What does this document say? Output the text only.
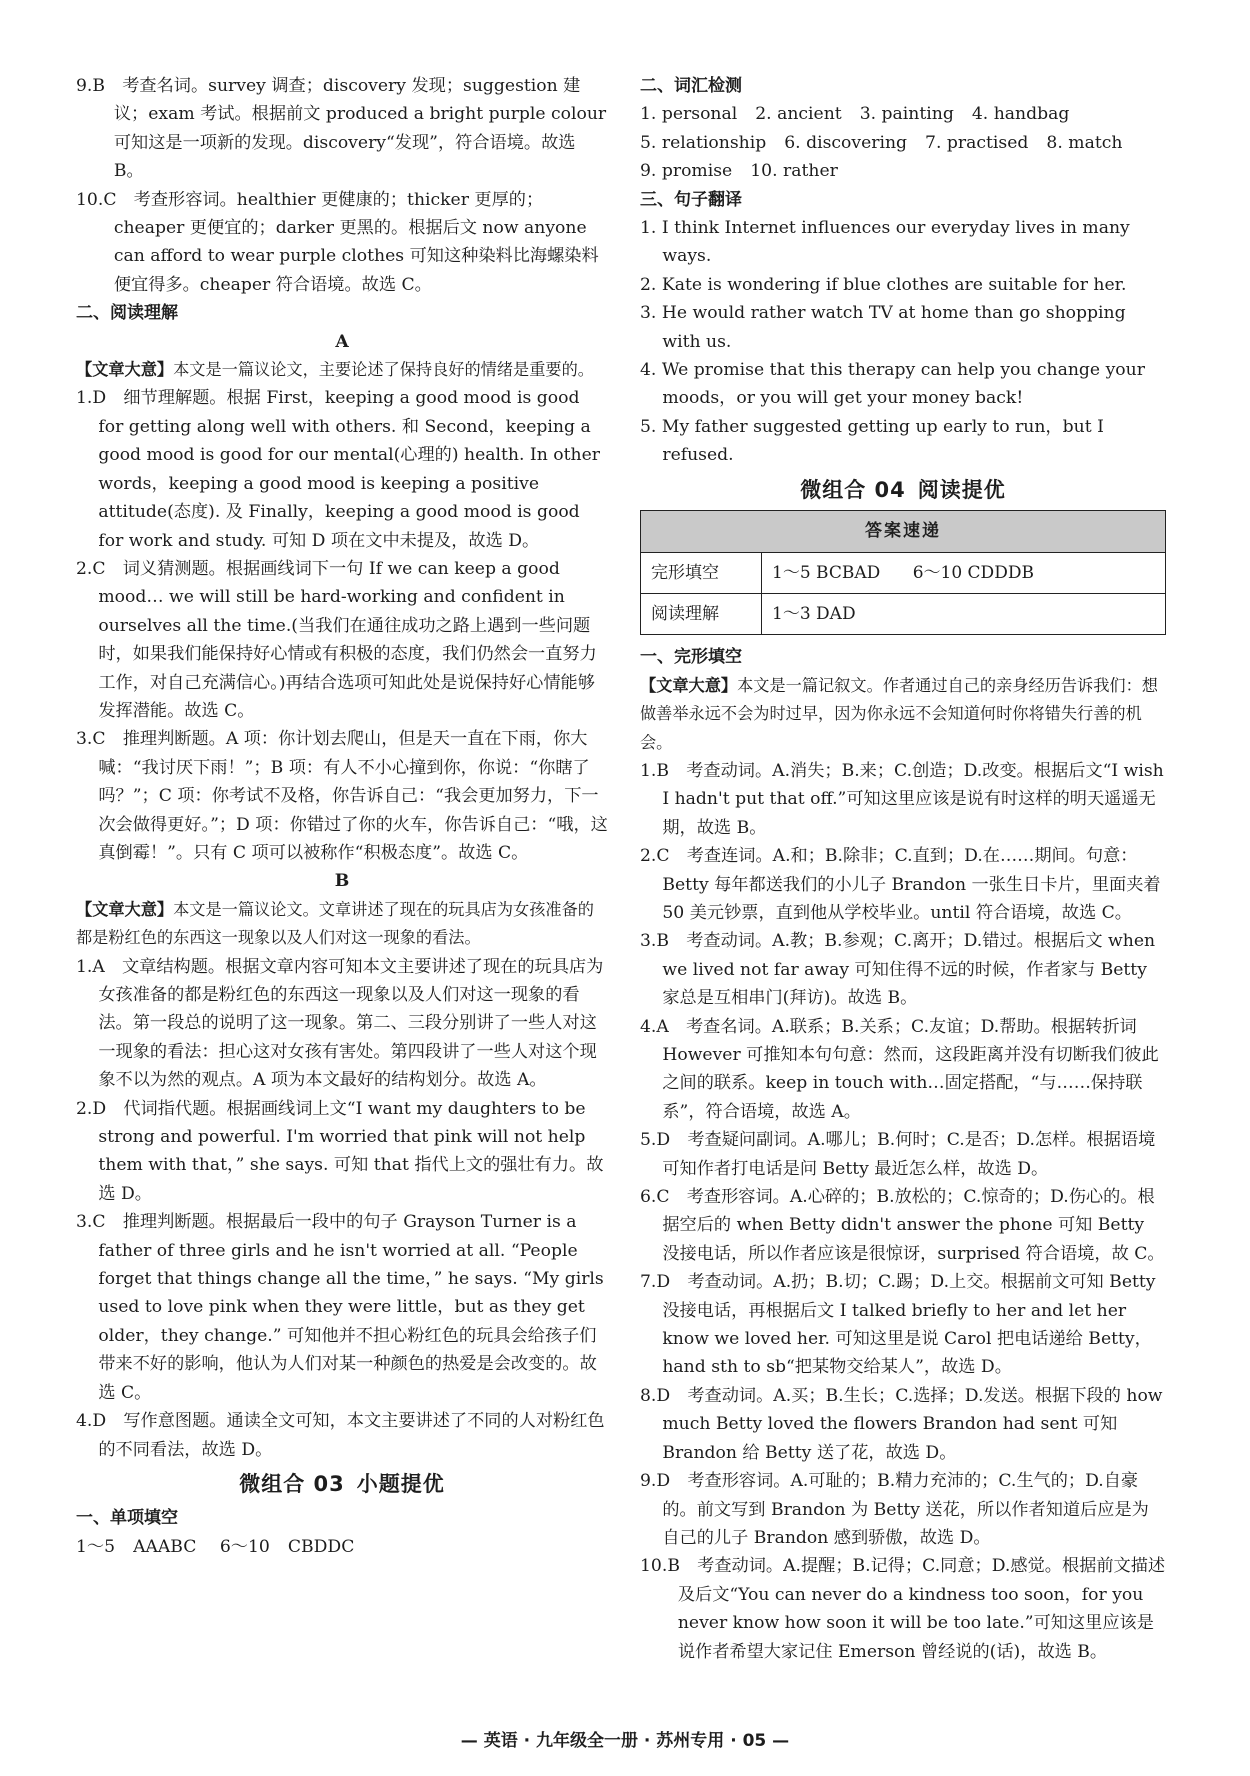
9.B　考查名词。survey 调查；discovery 发现；suggestion 建议；exam 考试。根据前文 produced a bright purple colour 可知这是一项新的发现。discovery“发现”，符合语境。故选 B。

10.C　考查形容词。healthier 更健康的；thicker 更厚的；cheaper 更便宜的；darker 更黑的。根据后文 now anyone can afford to wear purple clothes 可知这种染料比海螺染料便宜得多。cheaper 符合语境。故选 C。

二、阅读理解

A

【文章大意】本文是一篇议论文，主要论述了保持良好的情绪是重要的。

1.D　细节理解题。根据 First，keeping a good mood is good for getting along well with others. 和 Second，keeping a good mood is good for our mental(心理的) health. In other words，keeping a good mood is keeping a positive attitude(态度). 及 Finally，keeping a good mood is good for work and study. 可知 D 项在文中未提及，故选 D。

2.C　词义猜测题。根据画线词下一句 If we can keep a good mood… we will still be hard-working and confident in ourselves all the time.(当我们在通往成功之路上遇到一些问题时，如果我们能保持好心情或有积极的态度，我们仍然会一直努力工作，对自己充满信心。)再结合选项可知此处是说保持好心情能够发挥潜能。故选 C。

3.C　推理判断题。A 项：你计划去爬山，但是天一直在下雨，你大喊：“我讨厌下雨！”；B 项：有人不小心撞到你，你说：“你瞎了吗？”；C 项：你考试不及格，你告诉自己：“我会更加努力，下一次会做得更好。”；D 项：你错过了你的火车，你告诉自己：“哦，这真倒霉！”。只有 C 项可以被称作“积极态度”。故选 C。

B

【文章大意】本文是一篇议论文。文章讲述了现在的玩具店为女孩准备的都是粉红色的东西这一现象以及人们对这一现象的看法。

1.A　文章结构题。根据文章内容可知本文主要讲述了现在的玩具店为女孩准备的都是粉红色的东西这一现象以及人们对这一现象的看法。第一段总的说明了这一现象。第二、三段分别讲了一些人对这一现象的看法：担心这对女孩有害处。第四段讲了一些人对这个现象不以为然的观点。A 项为本文最好的结构划分。故选 A。

2.D　代词指代题。根据画线词上文“I want my daughters to be strong and powerful. I'm worried that pink will not help them with that，” she says. 可知 that 指代上文的强壮有力。故选 D。

3.C　推理判断题。根据最后一段中的句子 Grayson Turner is a father of three girls and he isn't worried at all. “People forget that things change all the time，” he says. “My girls used to love pink when they were little，but as they get older，they change.” 可知他并不担心粉红色的玩具会给孩子们带来不好的影响，他认为人们对某一种颜色的热爱是会改变的。故选 C。

4.D　写作意图题。通读全文可知，本文主要讲述了不同的人对粉红色的不同看法，故选 D。

微组合 03 小题提优

一、单项填空

1～5 AAABC 6～10 CBDDC

二、词汇检测

1. personal 2. ancient 3. painting 4. handbag

5. relationship 6. discovering 7. practised 8. match

9. promise 10. rather

三、句子翻译

1. I think Internet influences our everyday lives in many ways.

2. Kate is wondering if blue clothes are suitable for her.

3. He would rather watch TV at home than go shopping with us.

4. We promise that this therapy can help you change your moods，or you will get your money back!

5. My father suggested getting up early to run，but I refused.

微组合 04 阅读提优

答案速递	
完形填空	1～5 BCBAD 6～10 CDDDB
阅读理解	1～3 DAD

一、完形填空

【文章大意】本文是一篇记叙文。作者通过自己的亲身经历告诉我们：想做善举永远不会为时过早，因为你永远不会知道何时你将错失行善的机会。

1.B　考查动词。A.消失；B.来；C.创造；D.改变。根据后文“I wish I hadn't put that off.”可知这里应该是说有时这样的明天遥遥无期，故选 B。

2.C　考查连词。A.和；B.除非；C.直到；D.在……期间。句意：Betty 每年都送我们的小儿子 Brandon 一张生日卡片，里面夹着 50 美元钞票，直到他从学校毕业。until 符合语境，故选 C。

3.B　考查动词。A.教；B.参观；C.离开；D.错过。根据后文 when we lived not far away 可知住得不远的时候，作者家与 Betty 家总是互相串门(拜访)。故选 B。

4.A　考查名词。A.联系；B.关系；C.友谊；D.帮助。根据转折词 However 可推知本句句意：然而，这段距离并没有切断我们彼此之间的联系。keep in touch with…固定搭配，“与……保持联系”，符合语境，故选 A。

5.D　考查疑问副词。A.哪儿；B.何时；C.是否；D.怎样。根据语境可知作者打电话是问 Betty 最近怎么样，故选 D。

6.C　考查形容词。A.心碎的；B.放松的；C.惊奇的；D.伤心的。根据空后的 when Betty didn't answer the phone 可知 Betty 没接电话，所以作者应该是很惊讶，surprised 符合语境，故 C。

7.D　考查动词。A.扔；B.切；C.踢；D.上交。根据前文可知 Betty 没接电话，再根据后文 I talked briefly to her and let her know we loved her. 可知这里是说 Carol 把电话递给 Betty，hand sth to sb“把某物交给某人”，故选 D。

8.D　考查动词。A.买；B.生长；C.选择；D.发送。根据下段的 how much Betty loved the flowers Brandon had sent 可知 Brandon 给 Betty 送了花，故选 D。

9.D　考查形容词。A.可耻的；B.精力充沛的；C.生气的；D.自豪的。前文写到 Brandon 为 Betty 送花，所以作者知道后应是为自己的儿子 Brandon 感到骄傲，故选 D。

10.B　考查动词。A.提醒；B.记得；C.同意；D.感觉。根据前文描述及后文“You can never do a kindness too soon，for you never know how soon it will be too late.”可知这里应该是说作者希望大家记住 Emerson 曾经说的(话)，故选 B。

— 英语 · 九年级全一册 · 苏州专用 · 05 —
